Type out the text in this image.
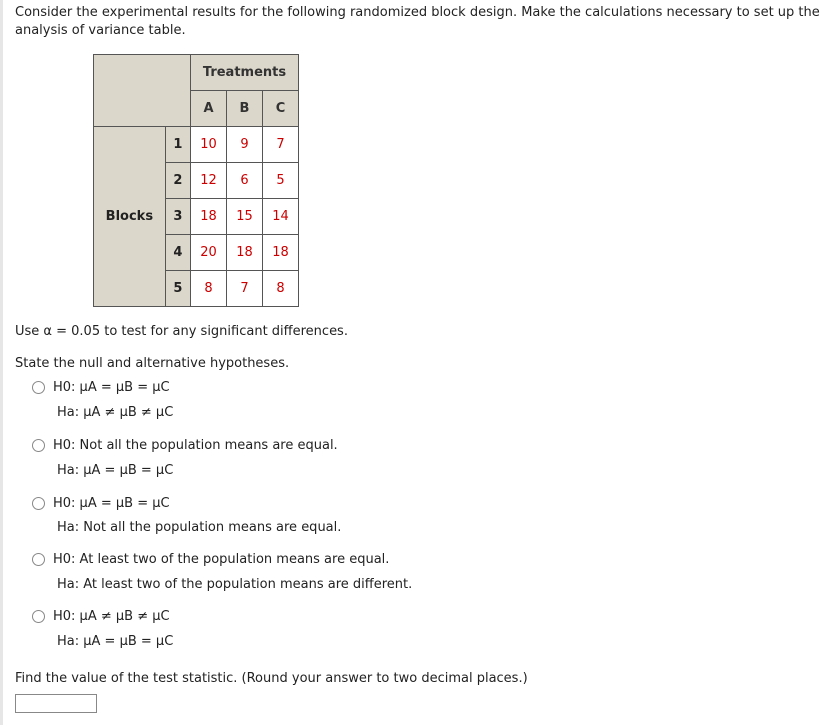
Consider the experimental results for the following randomized block design. Make the calculations necessary to set up the analysis of variance table.
		Treatments		
		A	B	C
Blocks	1	10	9	7
	2	12	6	5
	3	18	15	14
	4	20	18	18
	5	8	7	8
Use α = 0.05 to test for any significant differences.
State the null and alternative hypotheses.
H0: μA = μB = μC
Ha: μA ≠ μB ≠ μC
H0: Not all the population means are equal.
Ha: μA = μB = μC
H0: μA = μB = μC
Ha: Not all the population means are equal.
H0: At least two of the population means are equal.
Ha: At least two of the population means are different.
H0: μA ≠ μB ≠ μC
Ha: μA = μB = μC
Find the value of the test statistic. (Round your answer to two decimal places.)
